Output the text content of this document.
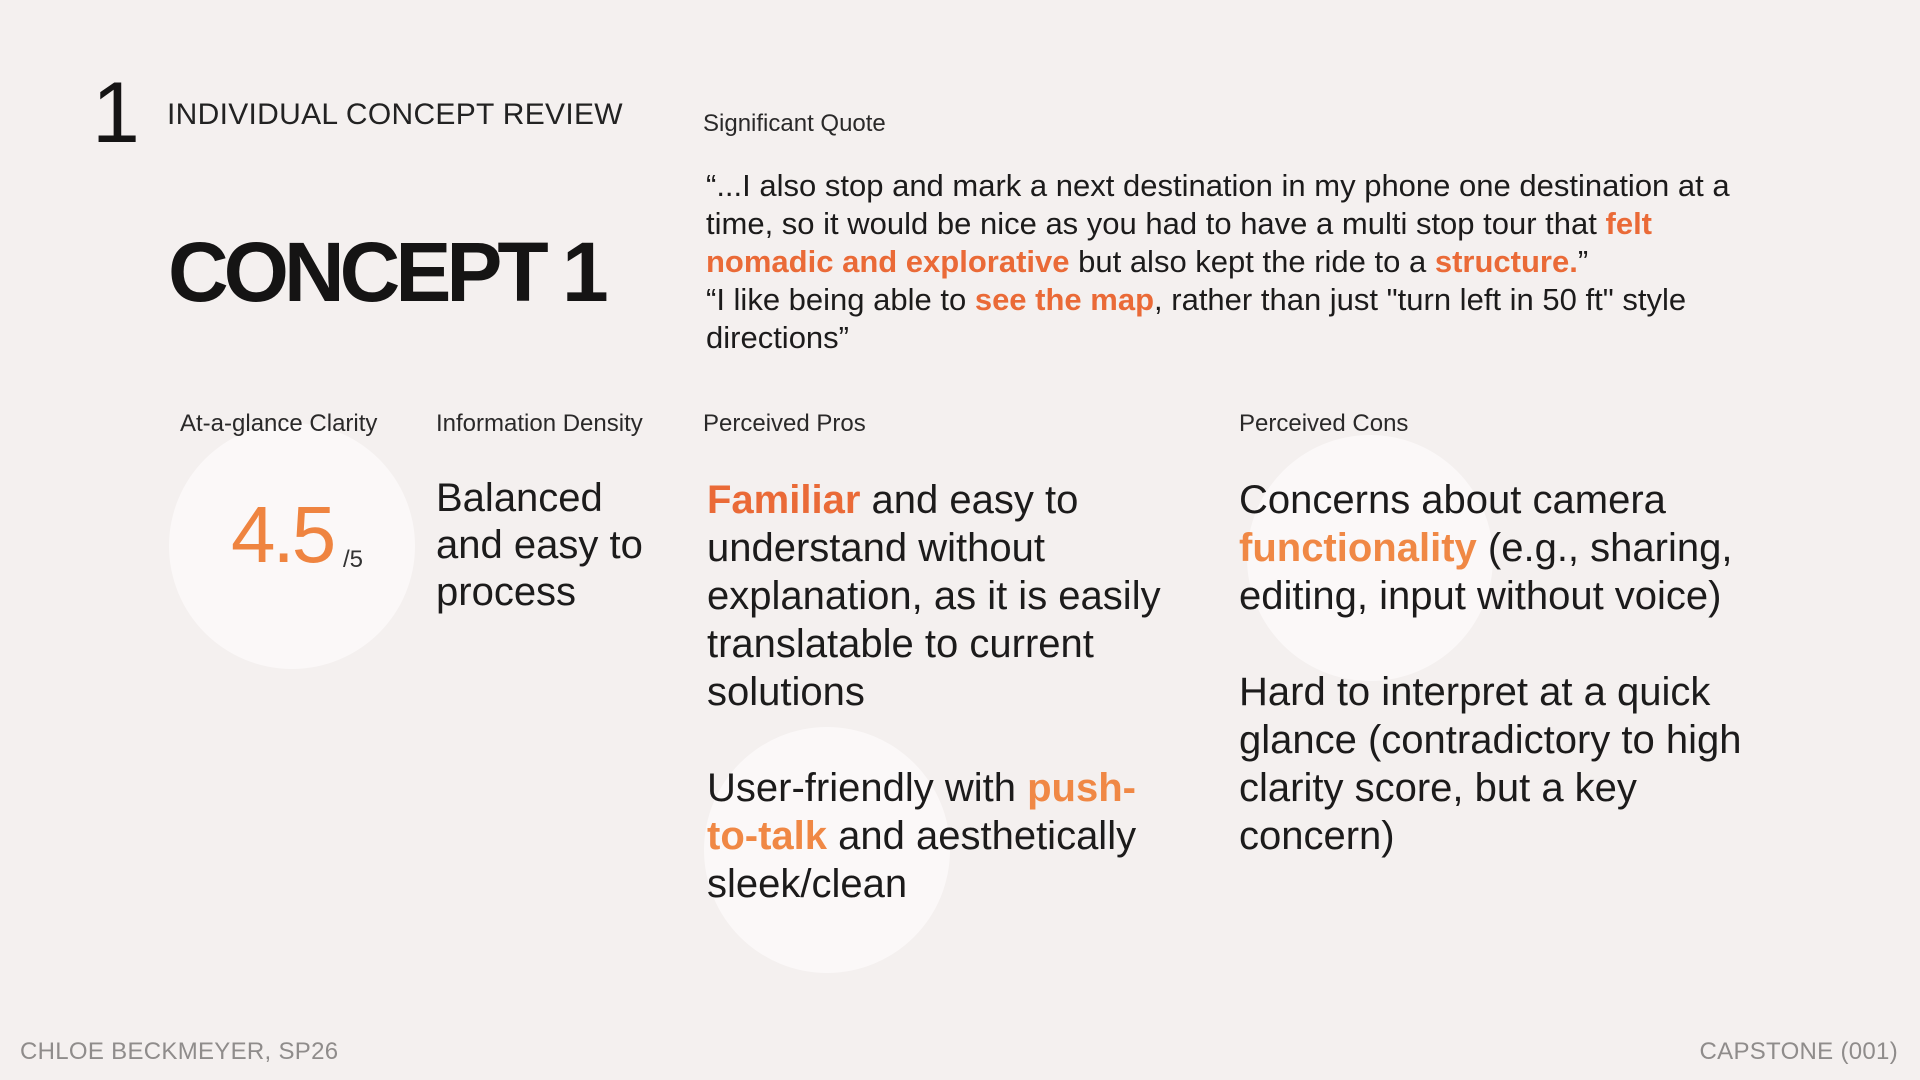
1 INDIVIDUAL CONCEPT REVIEW
CONCEPT 1
Significant Quote
“...I also stop and mark a next destination in my phone one destination at a time, so it would be nice as you had to have a multi stop tour that felt nomadic and explorative but also kept the ride to a structure.”
“I like being able to see the map, rather than just "turn left in 50 ft" style directions”
At-a-glance Clarity
4.5 /5
Information Density
Balanced and easy to process
Perceived Pros
Familiar and easy to understand without explanation, as it is easily translatable to current solutions
User-friendly with push-to-talk and aesthetically sleek/clean
Perceived Cons
Concerns about camera functionality (e.g., sharing, editing, input without voice)
Hard to interpret at a quick glance (contradictory to high clarity score, but a key concern)
CHLOE BECKMEYER, SP26	CAPSTONE (001)
